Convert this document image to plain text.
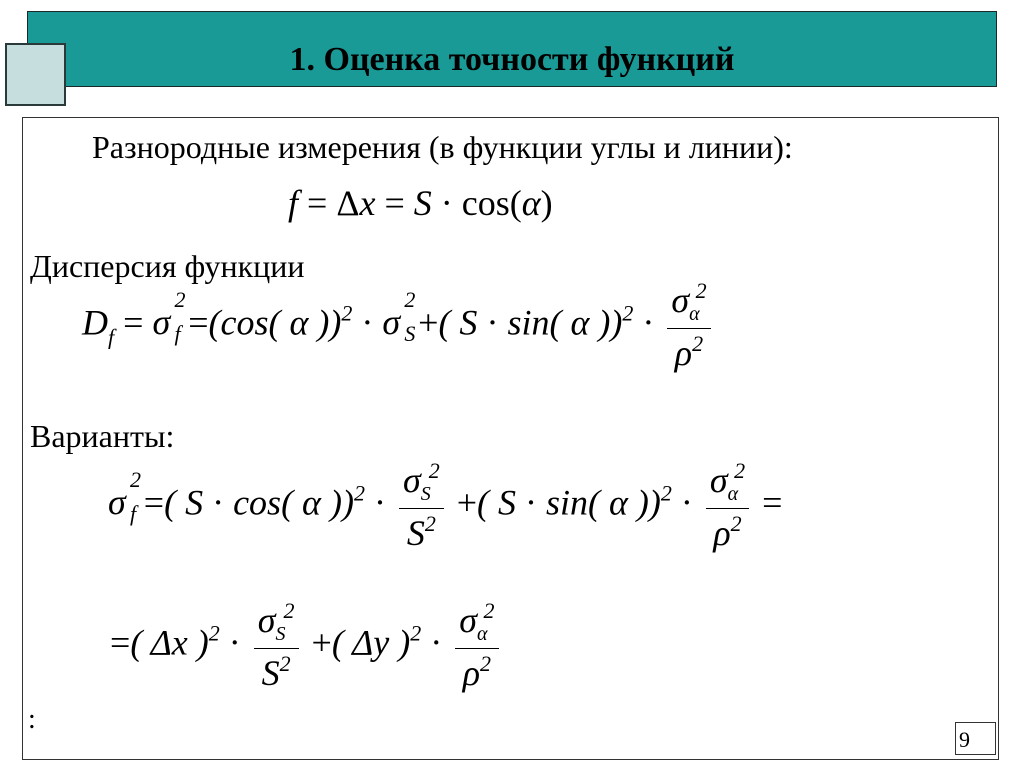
1. Оценка точности функций
Разнородные измерения (в функции углы и линии):
f = Δx = S · cos(α)
Дисперсия функции
$D_f = \sigma$
2
f =(cos( α ))$^2$ · σ
2
S +( S · sin( α ))$^2 \cdot \frac{\sigma_\alpha^2}{\rho^2}$
Варианты:
σ
2
f =( S · cos( α ))$^2 \cdot \frac{\sigma_S^2}{S^2}$ +( S · sin( α ))$^2 \cdot \frac{\sigma_\alpha^2}{\rho^2}$ =
=( Δx )$^2 \cdot \frac{\sigma_S^2}{S^2}$ +( Δy )$^2 \cdot \frac{\sigma_\alpha^2}{\rho^2}$
:
9
